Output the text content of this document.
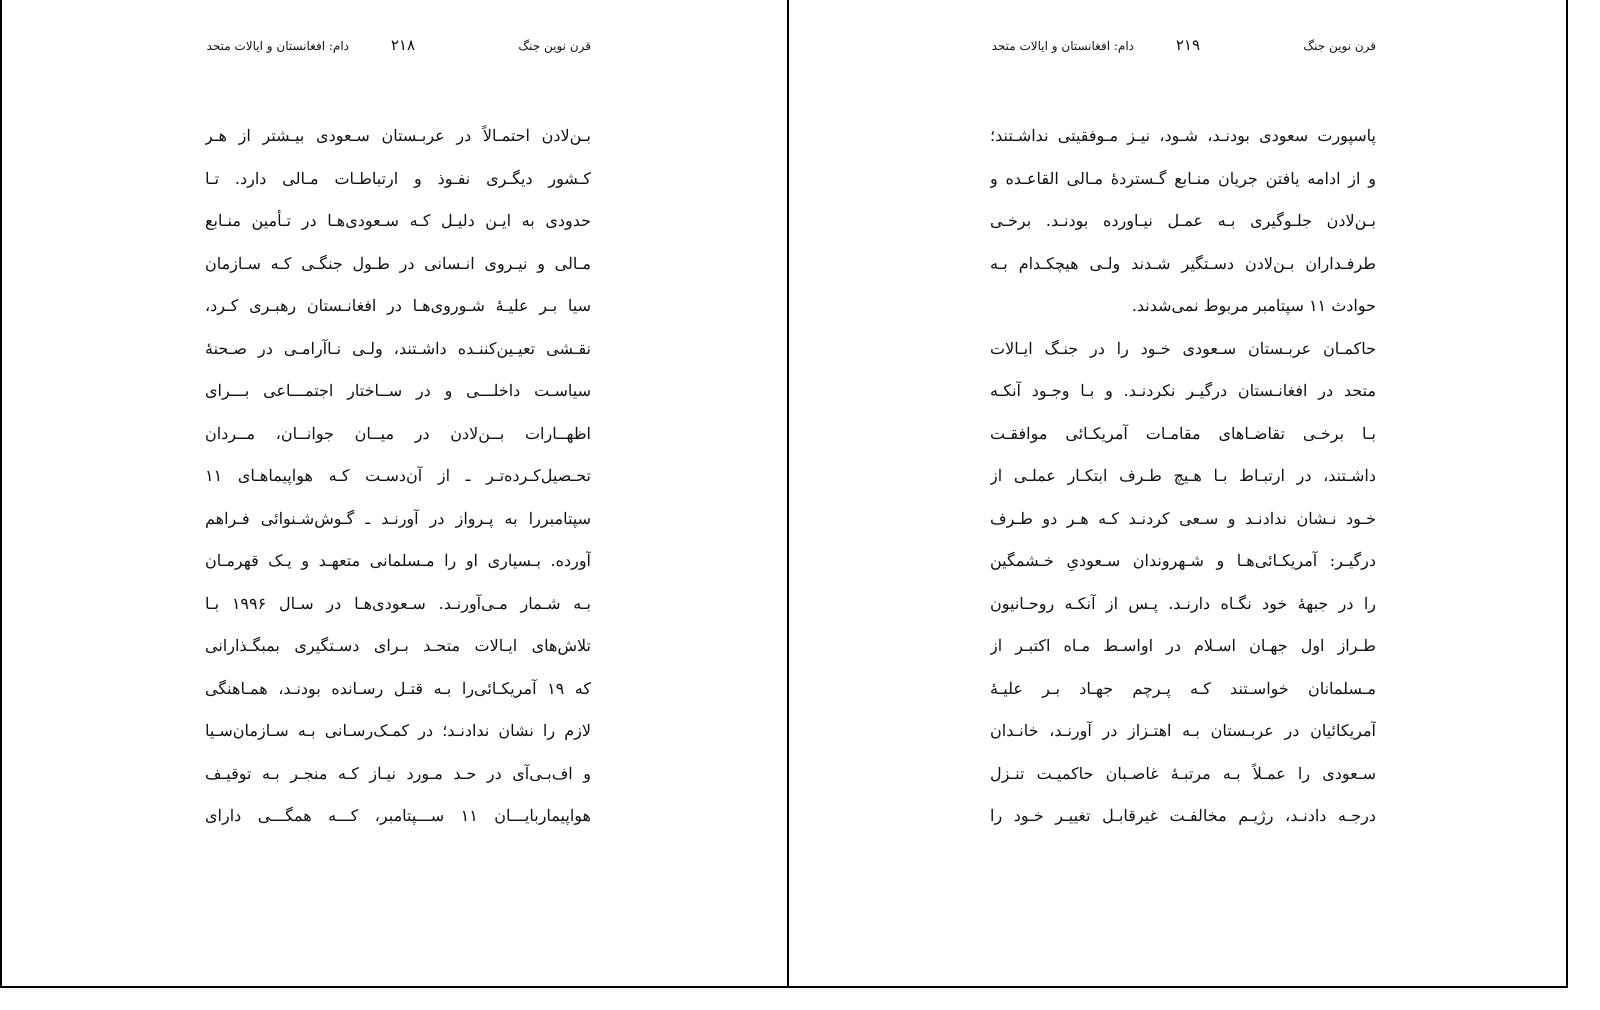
قرن نوین جنگ
۲۱۸
دام: افغانستان و ایالات متحد
بـن‌لادن احتمـالاً در عربـستان سـعودی بیـشتر از هـر
کـشور دیگـری نفـوذ و ارتباطـات مـالی دارد. تـا
حدودی به ایـن دلیـل کـه سـعودی‌هـا در تـأمین منـابع
مـالی و نیـروی انـسانی در طـول جنگـی کـه سـازمان
سیا بـر علیـهٔ شـوروی‌هـا در افغانـستان رهبـری کـرد،
نقـشی تعیـین‌کننـده داشـتند، ولـی نـاآرامـی در صـحنهٔ
سیاسـت داخلـــی و در ســاختار اجتمـــاعی بـــرای
اظهــارات بــن‌لادن در میــان جوانــان، مــردان
تحـصیل‌کـرده‌تـر ـ از آن‌دسـت کـه هواپیماهـای ۱۱
سپتامبررا به پـرواز در آورنـد ـ گـوش‌شـنوائی فـراهم
آورده. بـسیاری او را مـسلمانی متعهـد و یـک قهرمـان
بـه شـمار مـی‌آورنـد. سـعودی‌هـا در سـال ۱۹۹۶ بـا
تلاش‌های ایـالات متحـد بـرای دسـتگیری بمبگـذارانی
که ۱۹ آمریکـائی‌را بـه قتـل رسـانده بودنـد، همـاهنگی
لازم را نشان ندادنـد؛ در کمـک‌رسـانی بـه سـازمان‌سـیا
و اف‌بـی‌آی در حـد مـورد نیـاز کـه منجـر بـه توقیـف
هواپیماربایـــان ۱۱ ســـپتامبر، کـــه همگـــی دارای
قرن نوین جنگ
۲۱۹
دام: افغانستان و ایالات متحد
پاسپورت سعودی بودنـد، شـود، نیـز مـوفقیتی نداشـتند؛
و از ادامه یافتن جریان منـابع گـستردهٔ مـالی القاعـده و
بـن‌لادن جلـوگیری بـه عمـل نیـاورده بودنـد. برخـی
طرفـداران بـن‌لادن دسـتگیر شـدند ولـی هیچکـدام بـه
حوادث ۱۱ سپتامبر مربوط نمی‌شدند.
حاکمـان عربـستان سـعودی خـود را در جنـگ ایـالات
متحد در افغانـستان درگیـر نکردنـد. و بـا وجـود آنکـه
بـا برخـی تقاضـاهای مقامـات آمریکـائی موافقـت
داشـتند، در ارتبـاط بـا هـیچ طـرف ابتکـار عملـی از
خـود نـشان ندادنـد و سـعی کردنـد کـه هـر دو طـرف
درگیـر: آمریکـائی‌هـا و شـهروندان سـعودیِ خـشمگین
را در جبههٔ خود نگـاه دارنـد. پـس از آنکـه روحـانیون
طـراز اول جهـان اسـلام در اواسـط مـاه اکتبـر از
مـسلمانان خواسـتند کـه پـرچم جهـاد بـر علیـهٔ
آمریکائیان در عربـستان بـه اهتـزاز در آورنـد، خانـدان
سـعودی را عمـلاً بـه مرتبـهٔ غاصـبان حاکمیـت تنـزل
درجـه دادنـد، رژیـم مخالفـت غیرقابـل تغییـر خـود را
